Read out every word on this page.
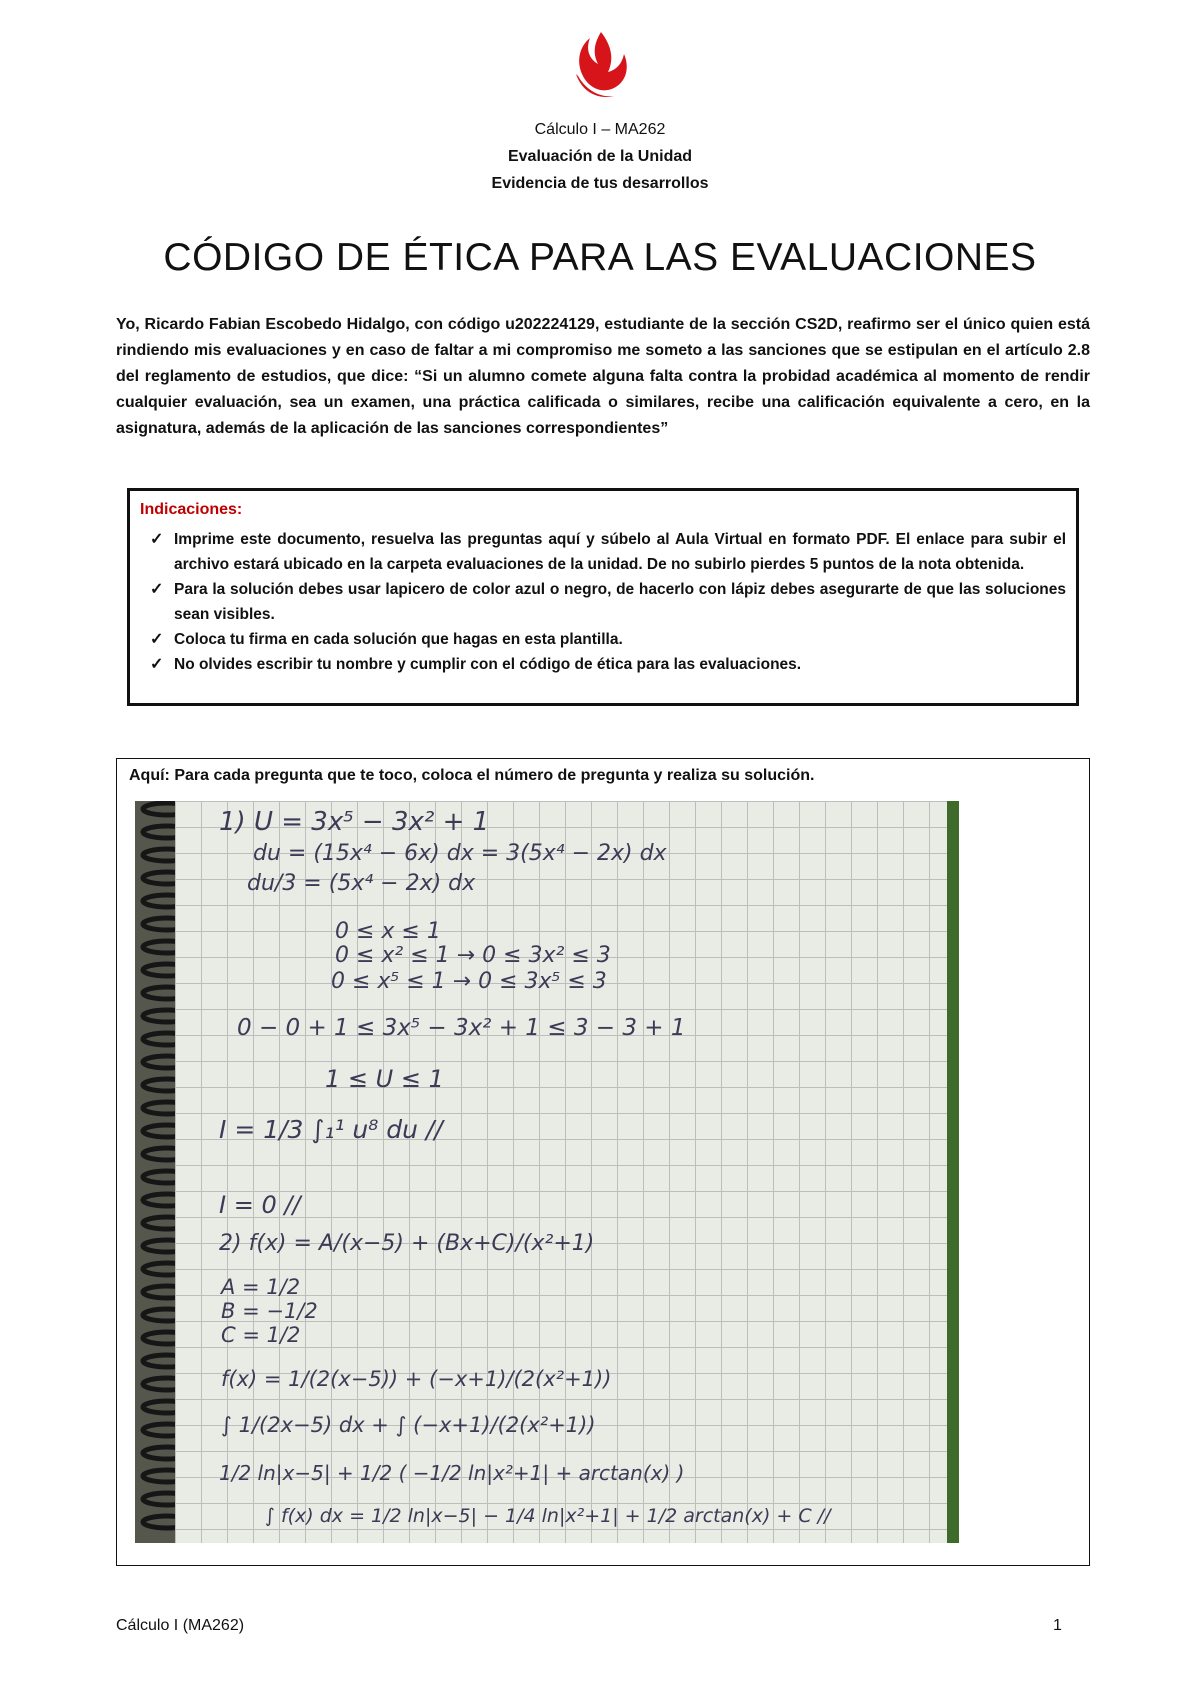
Cálculo I – MA262
Evaluación de la Unidad
Evidencia de tus desarrollos
CÓDIGO DE ÉTICA PARA LAS EVALUACIONES

Yo, Ricardo Fabian Escobedo Hidalgo, con código u202224129, estudiante de la sección CS2D, reafirmo ser el único quien está rindiendo mis evaluaciones y en caso de faltar a mi compromiso me someto a las sanciones que se estipulan en el artículo 2.8 del reglamento de estudios, que dice: “Si un alumno comete alguna falta contra la probidad académica al momento de rendir cualquier evaluación, sea un examen, una práctica calificada o similares, recibe una calificación equivalente a cero, en la asignatura, además de la aplicación de las sanciones correspondientes”

Indicaciones:
✓ Imprime este documento, resuelva las preguntas aquí y súbelo al Aula Virtual en formato PDF. El enlace para subir el archivo estará ubicado en la carpeta evaluaciones de la unidad. De no subirlo pierdes 5 puntos de la nota obtenida.
✓ Para la solución debes usar lapicero de color azul o negro, de hacerlo con lápiz debes asegurarte de que las soluciones sean visibles.
✓ Coloca tu firma en cada solución que hagas en esta plantilla.
✓ No olvides escribir tu nombre y cumplir con el código de ética para las evaluaciones.
Aquí: Para cada pregunta que te toco, coloca el número de pregunta y realiza su solución.
1) U = 3x⁵ − 3x² + 1
du = (15x⁴ − 6x) dx = 3(5x⁴ − 2x) dx
du/3 = (5x⁴ − 2x) dx
0 ≤ x ≤ 1
0 ≤ x² ≤ 1 → 0 ≤ 3x² ≤ 3
0 ≤ x⁵ ≤ 1 → 0 ≤ 3x⁵ ≤ 3
0 − 0 + 1 ≤ 3x⁵ − 3x² + 1 ≤ 3 − 3 + 1
1 ≤ U ≤ 1
I = 1/3 ∫₁¹ u⁸ du //
I = 0 //
2) f(x) = A/(x−5) + (Bx+C)/(x²+1)
A = 1/2
B = −1/2
C = 1/2
f(x) = 1/(2(x−5)) + (−x+1)/(2(x²+1))
∫ 1/(2x−5) dx + ∫ (−x+1)/(2(x²+1))
1/2 ln|x−5| + 1/2 ( −1/2 ln|x²+1| + arctan(x) )
∫ f(x) dx = 1/2 ln|x−5| − 1/4 ln|x²+1| + 1/2 arctan(x) + C //
Cálculo I (MA262)	1
